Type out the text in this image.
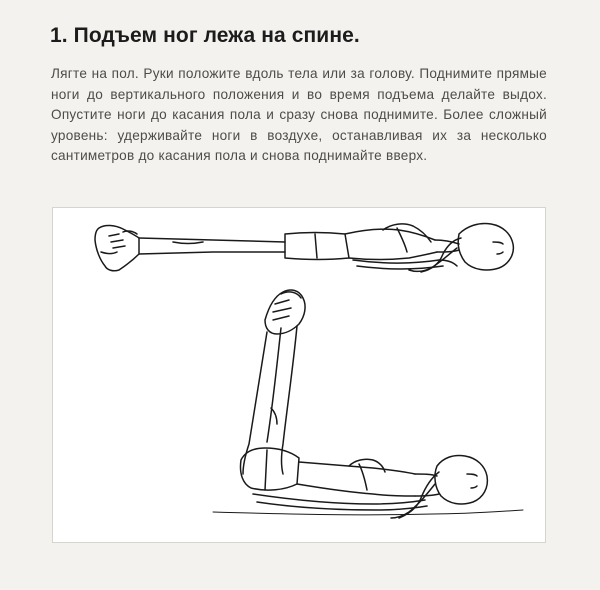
1. Подъем ног лежа на спине.

Лягте на пол. Руки положите вдоль тела или за голову. Поднимите прямые ноги до вертикального положения и во время подъема делайте выдох. Опустите ноги до касания пола и сразу снова поднимите. Более сложный уровень: удерживайте ноги в воздухе, останавливая их за несколько сантиметров до касания пола и снова поднимайте вверх.
